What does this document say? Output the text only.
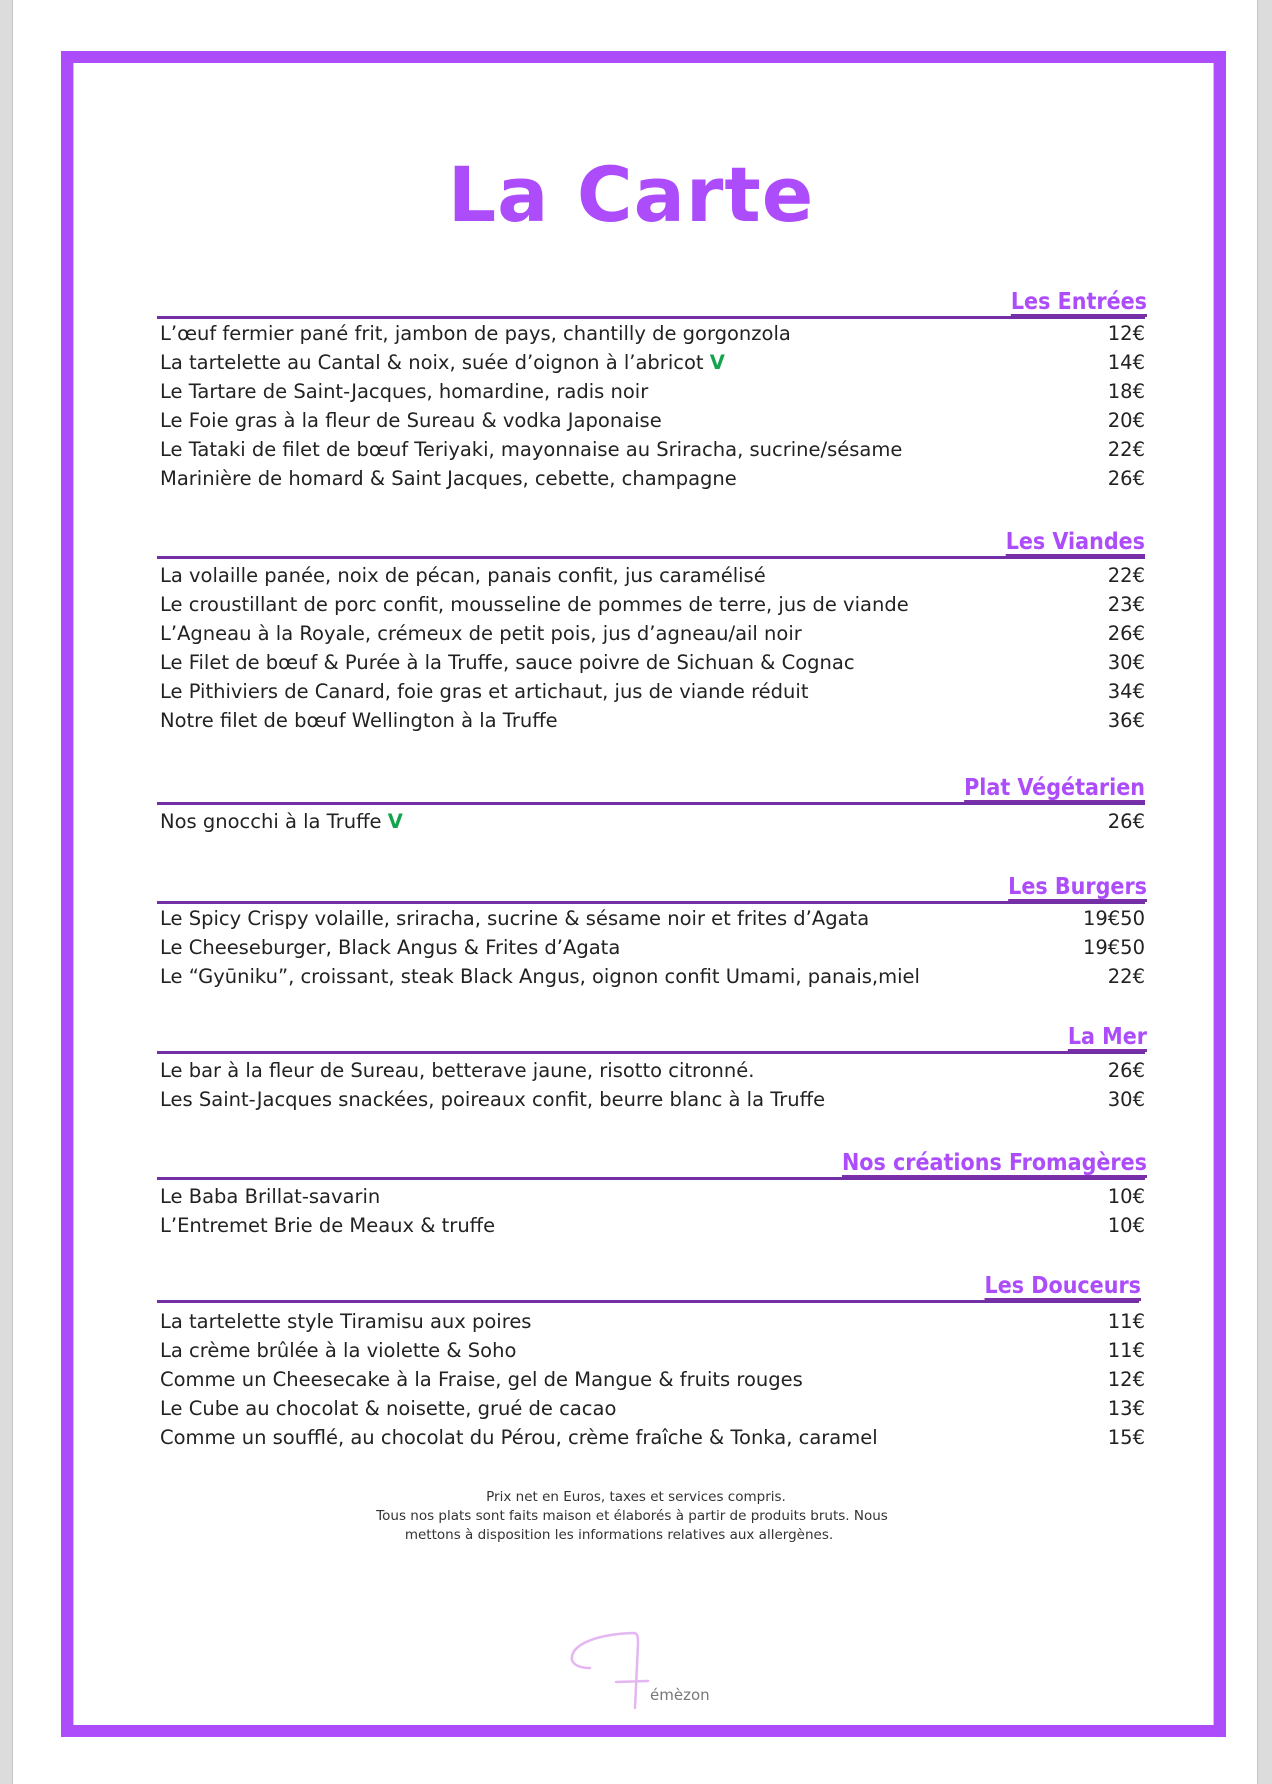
La Carte
Les Entrées
L’œuf fermier pané frit, jambon de pays, chantilly de gorgonzola	12€
La tartelette au Cantal & noix, suée d’oignon à l’abricot V	14€
Le Tartare de Saint-Jacques, homardine, radis noir	18€
Le Foie gras à la fleur de Sureau & vodka Japonaise	20€
Le Tataki de filet de bœuf Teriyaki, mayonnaise au Sriracha, sucrine/sésame	22€
Marinière de homard & Saint Jacques, cebette, champagne	26€
Les Viandes
La volaille panée, noix de pécan, panais confit, jus caramélisé	22€
Le croustillant de porc confit, mousseline de pommes de terre, jus de viande	23€
L’Agneau à la Royale, crémeux de petit pois, jus d’agneau/ail noir	26€
Le Filet de bœuf & Purée à la Truffe, sauce poivre de Sichuan & Cognac	30€
Le Pithiviers de Canard, foie gras et artichaut, jus de viande réduit	34€
Notre filet de bœuf Wellington à la Truffe	36€
Plat Végétarien
Nos gnocchi à la Truffe V	26€
Les Burgers
Le Spicy Crispy volaille, sriracha, sucrine & sésame noir et frites d’Agata	19€50
Le Cheeseburger, Black Angus & Frites d’Agata	19€50
Le “Gyūniku”, croissant, steak Black Angus, oignon confit Umami, panais,miel	22€
La Mer
Le bar à la fleur de Sureau, betterave jaune, risotto citronné.	26€
Les Saint-Jacques snackées, poireaux confit, beurre blanc à la Truffe	30€
Nos créations Fromagères
Le Baba Brillat-savarin	10€
L’Entremet Brie de Meaux & truffe	10€
Les Douceurs
La tartelette style Tiramisu aux poires	11€
La crème brûlée à la violette & Soho	11€
Comme un Cheesecake à la Fraise, gel de Mangue & fruits rouges	12€
Le Cube au chocolat & noisette, grué de cacao	13€
Comme un soufflé, au chocolat du Pérou, crème fraîche & Tonka, caramel	15€
Prix net en Euros, taxes et services compris.
Tous nos plats sont faits maison et élaborés à partir de produits bruts. Nous
mettons à disposition les informations relatives aux allergènes.
émèzon
